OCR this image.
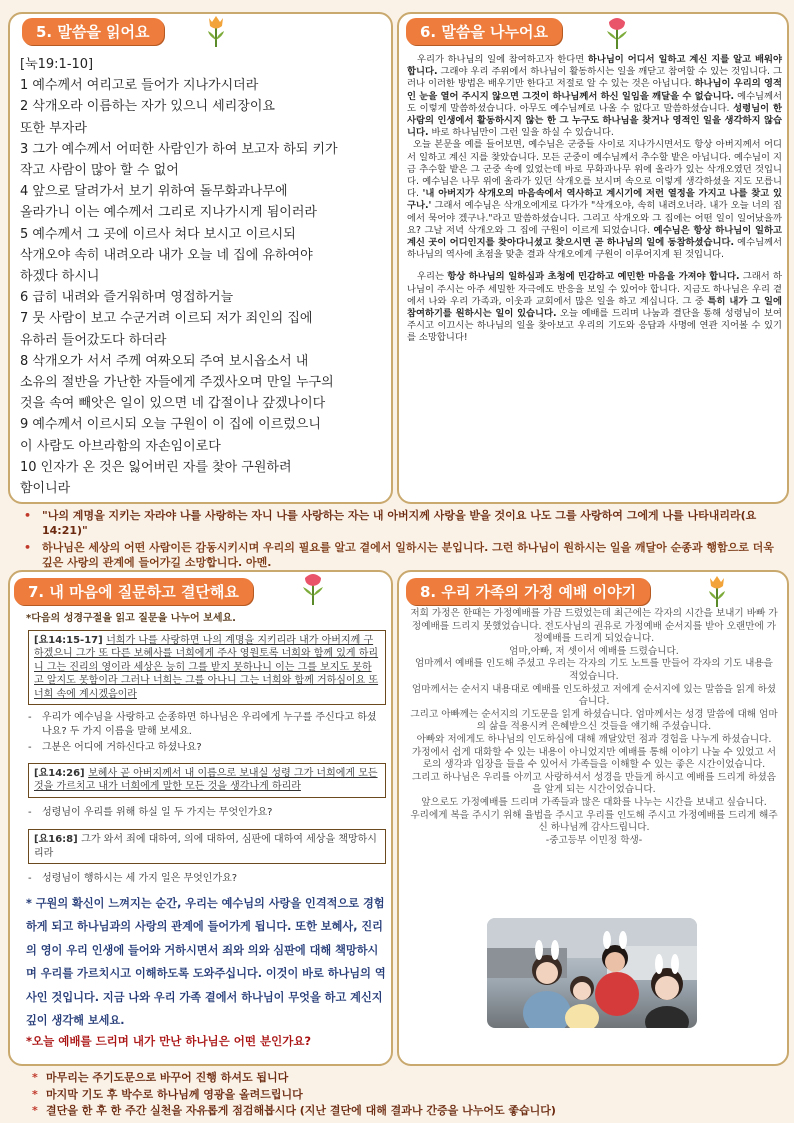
[눅19:1-10]
1 예수께서 여리고로 들어가 지나가시더라
2 삭개오라 이름하는 자가 있으니 세리장이요
또한 부자라
3 그가 예수께서 어떠한 사람인가 하여 보고자 하되 키가
작고 사람이 많아 할 수 없어
4 앞으로 달려가서 보기 위하여 돌무화과나무에
올라가니 이는 예수께서 그리로 지나가시게 됨이러라
5 예수께서 그 곳에 이르사 쳐다 보시고 이르시되
삭개오야 속히 내려오라 내가 오늘 네 집에 유하여야
하겠다 하시니
6 급히 내려와 즐거워하며 영접하거늘
7 뭇 사람이 보고 수군거려 이르되 저가 죄인의 집에
유하러 들어갔도다 하더라
8 삭개오가 서서 주께 여짜오되 주여 보시옵소서 내
소유의 절반을 가난한 자들에게 주겠사오며 만일 누구의
것을 속여 빼앗은 일이 있으면 네 갑절이나 갚겠나이다
9 예수께서 이르시되 오늘 구원이 이 집에 이르렀으니
이 사람도 아브라함의 자손임이로다
10 인자가 온 것은 잃어버린 자를 찾아 구원하려
함이니라
5. 말씀을 읽어요

우리가 하나님의 일에 참여하고자 한다면 하나님이 어디서 일하고 계신 지를 알고 배워야합니다. 그래야 우리 주위에서 하나님이 활동하시는 일을 깨닫고 참여할 수 있는 것입니다. 그러나 이러한 방법은 배우기만 한다고 저절로 알 수 있는 것은 아닙니다. 하나님이 우리의 영적인 눈을 열어 주시지 않으면 그것이 하나님께서 하신 일임을 깨달을 수 없습니다. 예수님께서도 이렇게 말씀하셨습니다. 아무도 예수님께로 나올 수 없다고 말씀하셨습니다. 성령님이 한 사람의 인생에서 활동하시지 않는 한 그 누구도 하나님을 찾거나 영적인 일을 생각하지 않습니다. 바로 하나님만이 그런 일을 하실 수 있습니다.

오늘 본문을 예를 들어보면, 예수님은 군중들 사이로 지나가시면서도 항상 아버지께서 어디서 일하고 계신 지를 찾았습니다. 모든 군중이 예수님께서 추수할 밭은 아닙니다. 예수님이 지금 추수할 밭은 그 군중 속에 있었는데 바로 무화과나무 위에 올라가 있는 삭개오였던 것입니다. 예수님은 나무 위에 올라가 있던 삭개오를 보시며 속으로 이렇게 생각하셨을 지도 모릅니다. '내 아버지가 삭개오의 마음속에서 역사하고 계시기에 저런 열정을 가지고 나를 찾고 있구나.' 그래서 예수님은 삭개오에게로 다가가 "삭개오야, 속히 내려오너라. 내가 오늘 너의 집에서 묵어야 겠구나."라고 말씀하셨습니다. 그리고 삭개오와 그 집에는 어떤 일이 일어났을까요? 그날 저녁 삭개오와 그 집에 구원이 이르게 되었습니다. 예수님은 항상 하나님이 일하고 계신 곳이 어디인지를 찾아다니셨고 찾으시면 곧 하나님의 일에 동참하셨습니다. 예수님께서 하나님의 역사에 초점을 맞춘 결과 삭개오에게 구원이 이루어지게 된 것입니다.

우리는 항상 하나님의 일하심과 초청에 민감하고 예민한 마음을 가져야 합니다. 그래서 하나님이 주시는 아주 세밀한 자극에도 반응을 보일 수 있어야 합니다. 지금도 하나님은 우리 곁에서 나와 우리 가족과, 이웃과 교회에서 많은 일을 하고 계십니다. 그 중 특히 내가 그 일에 참여하기를 원하시는 일이 있습니다. 오늘 예배를 드리며 나눔과 결단을 통해 성령님이 보여주시고 이끄시는 하나님의 일을 찾아보고 우리의 기도와 응답과 사명에 연관 지어볼 수 있기를 소망합니다!

6. 말씀을 나누어요
• "나의 계명을 지키는 자라야 나를 사랑하는 자니 나를 사랑하는 자는 내 아버지께 사랑을 받을 것이요 나도 그를 사랑하여 그에게 나를 나타내리라(요14:21)"
• 하나님은 세상의 어떤 사람이든 감동시키시며 우리의 필요를 알고 곁에서 일하시는 분입니다. 그런 하나님이 원하시는 일을 깨달아 순종과 행함으로 더욱 깊은 사랑의 관계에 들어가길 소망합니다. 아멘.
*다음의 성경구절을 읽고 질문을 나누어 보세요.
[요14:15-17] 너희가 나를 사랑하면 나의 계명을 지키리라 내가 아버지께 구하겠으니 그가 또 다른 보혜사를 너희에게 주사 영원토록 너희와 함께 있게 하리니 그는 진리의 영이라 세상은 능히 그를 받지 못하나니 이는 그를 보지도 못하고 알지도 못함이라 그러나 너희는 그를 아나니 그는 너희와 함께 거하심이요 또 너희 속에 계시겠음이라
- 우리가 예수님을 사랑하고 순종하면 하나님은 우리에게 누구를 주신다고 하셨나요? 두 가지 이름을 말해 보세요.
- 그분은 어디에 거하신다고 하셨나요?
[요14:26] 보혜사 곧 아버지께서 내 이름으로 보내실 성령 그가 너희에게 모든 것을 가르치고 내가 너희에게 말한 모든 것을 생각나게 하리라
- 성령님이 우리를 위해 하실 일 두 가지는 무엇인가요?
[요16:8] 그가 와서 죄에 대하여, 의에 대하여, 심판에 대하여 세상을 책망하시리라
- 성령님이 행하시는 세 가지 일은 무엇인가요?
* 구원의 확신이 느껴지는 순간, 우리는 예수님의 사랑을 인격적으로 경험하게 되고 하나님과의 사랑의 관계에 들어가게 됩니다. 또한 보혜사, 진리의 영이 우리 인생에 들어와 거하시면서 죄와 의와 심판에 대해 책망하시며 우리를 가르치시고 이해하도록 도와주십니다. 이것이 바로 하나님의 역사인 것입니다. 지금 나와 우리 가족 곁에서 하나님이 무엇을 하고 계신지 깊이 생각해 보세요.
*오늘 예배를 드리며 내가 만난 하나님은 어떤 분인가요?
7. 내 마음에 질문하고 결단해요
저희 가정은 한때는 가정예배를 가끔 드렸었는데 최근에는 각자의 시간을 보내기 바빠 가정예배를 드리지 못했었습니다. 전도사님의 권유로 가정예배 순서지를 받아 오랜만에 가정예배를 드리게 되었습니다.
엄마,아빠, 저 셋이서 예배를 드렸습니다.
엄마께서 예배를 인도해 주셨고 우리는 각자의 기도 노트를 만들어 각자의 기도 내용을 적었습니다.
엄마께서는 순서지 내용대로 예배를 인도하셨고 저에게 순서지에 있는 말씀을 읽게 하셨습니다.
그리고 아빠께는 순서지의 기도문을 읽게 하셨습니다. 엄마께서는 성경 말씀에 대해 엄마의 삶을 적용시켜 은혜받으신 것들을 얘기해 주셨습니다.
아빠와 저에게도 하나님의 인도하심에 대해 깨달았던 점과 경험을 나누게 하셨습니다.
가정에서 쉽게 대화할 수 있는 내용이 아니었지만 예배를 통해 이야기 나눌 수 있었고 서로의 생각과 입장을 들을 수 있어서 가족들을 이해할 수 있는 좋은 시간이었습니다.
그리고 하나님은 우리를 아끼고 사랑하셔서 성경을 만들게 하시고 예배를 드리게 하셨음을 알게 되는 시간이었습니다.
앞으로도 가정예배를 드리며 가족들과 많은 대화를 나누는 시간을 보내고 싶습니다.
우리에게 복을 주시기 위해 율법을 주시고 우리를 인도해 주시고 가정예배를 드리게 해주신 하나님께 감사드립니다.
-중고등부 이민정 학생-
8. 우리 가족의 가정 예배 이야기
* 마무리는 주기도문으로 바꾸어 진행 하셔도 됩니다
* 마지막 기도 후 박수로 하나님께 영광을 올려드립니다
* 결단을 한 후 한 주간 실천을 자유롭게 점검해봅시다 (지난 결단에 대해 결과나 간증을 나누어도 좋습니다)
